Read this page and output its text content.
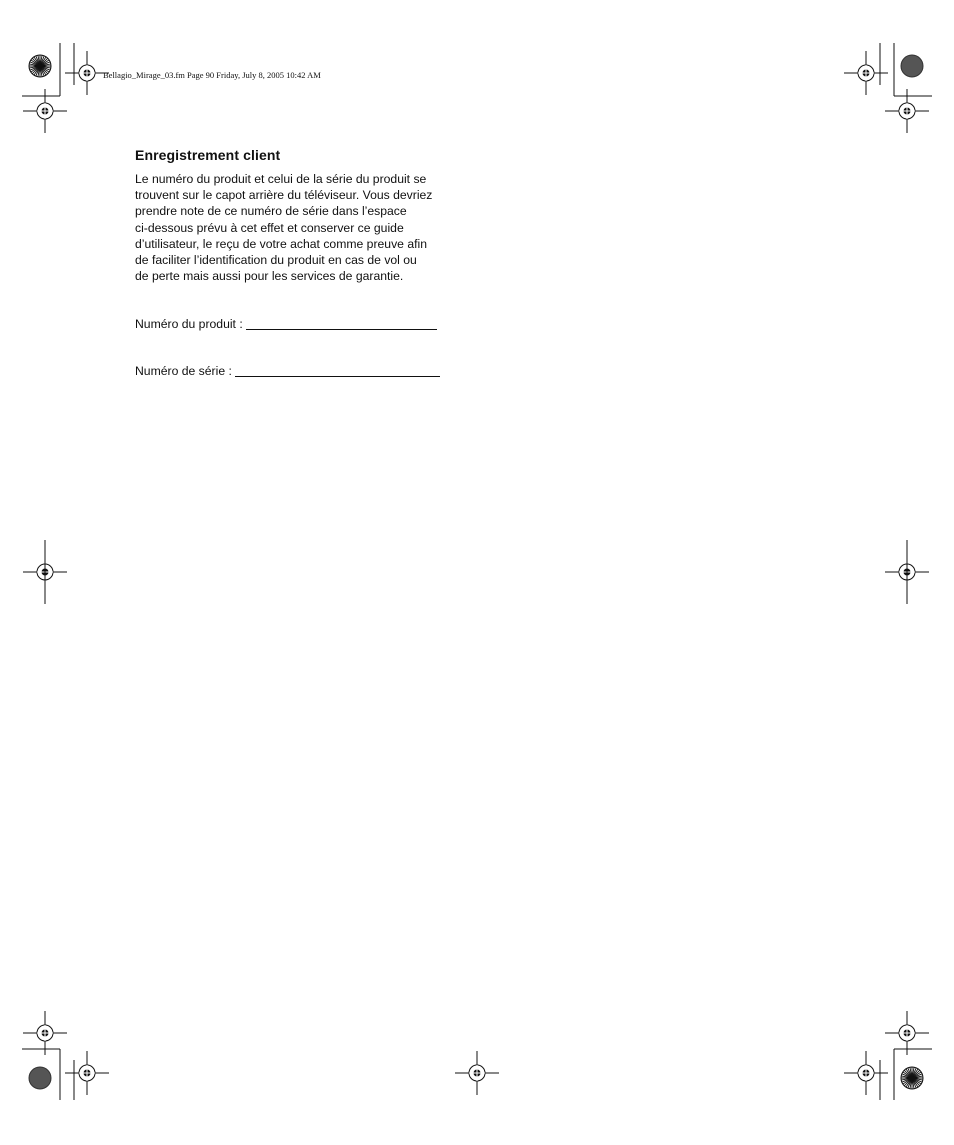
Bellagio_Mirage_03.fm Page 90 Friday, July 8, 2005 10:42 AM
Enregistrement client

Le numéro du produit et celui de la série du produit se
trouvent sur le capot arrière du téléviseur. Vous devriez
prendre note de ce numéro de série dans l’espace
ci-dessous prévu à cet effet et conserver ce guide
d’utilisateur, le reçu de votre achat comme preuve afin
de faciliter l’identification du produit en cas de vol ou
de perte mais aussi pour les services de garantie.

Numéro du produit :
Numéro de série :
